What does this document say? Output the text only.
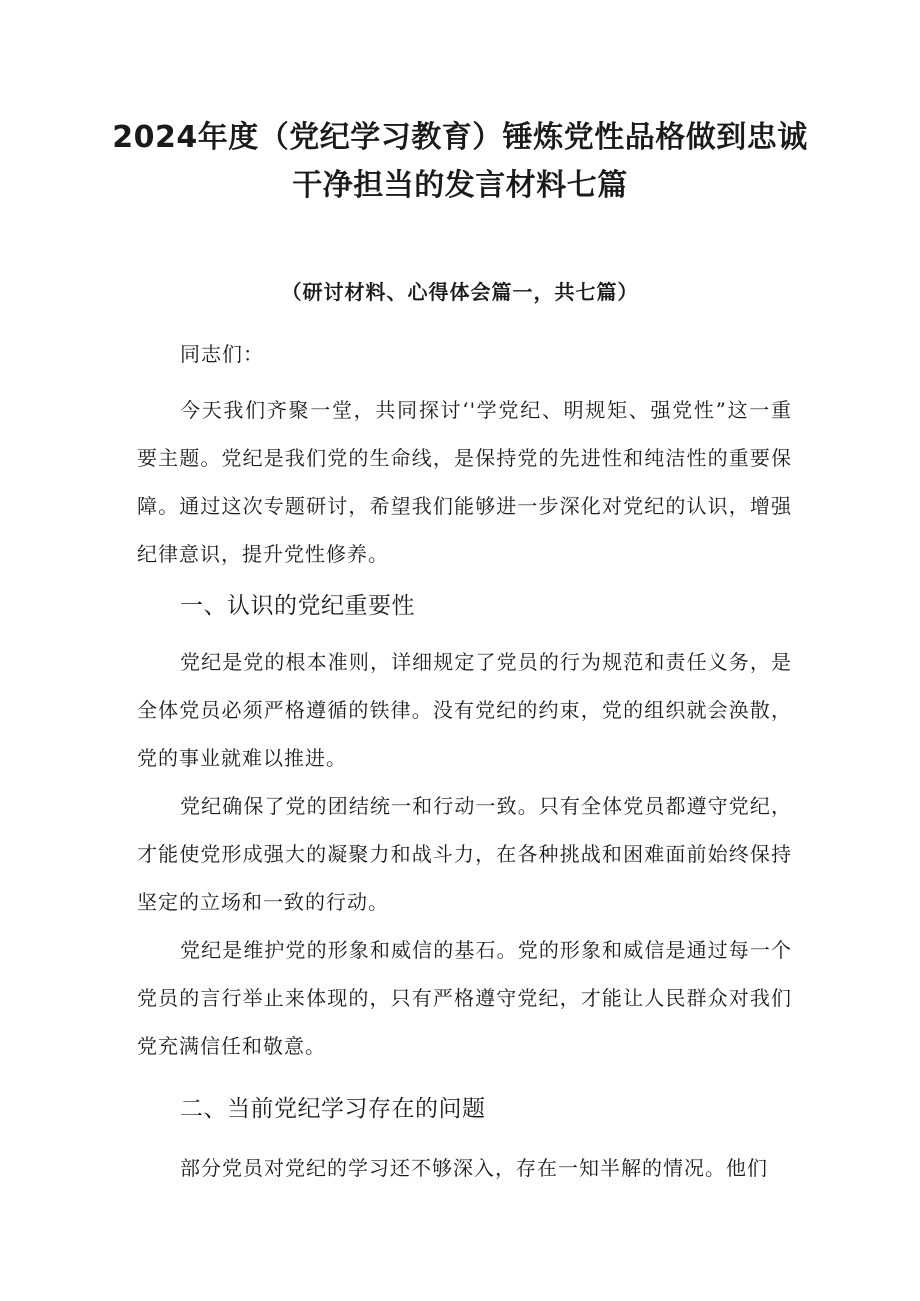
2024年度（党纪学习教育）锤炼党性品格做到忠诚
干净担当的发言材料七篇
（研讨材料、心得体会篇一，共七篇）
同志们：
今天我们齐聚一堂，共同探讨‘'学党纪、明规矩、强党性”这一重要主题。党纪是我们党的生命线，是保持党的先进性和纯洁性的重要保障。通过这次专题研讨，希望我们能够进一步深化对党纪的认识，增强纪律意识，提升党性修养。
一、认识的党纪重要性
党纪是党的根本准则，详细规定了党员的行为规范和责任义务，是全体党员必须严格遵循的铁律。没有党纪的约束，党的组织就会涣散，党的事业就难以推进。
党纪确保了党的团结统一和行动一致。只有全体党员都遵守党纪，才能使党形成强大的凝聚力和战斗力，在各种挑战和困难面前始终保持坚定的立场和一致的行动。
党纪是维护党的形象和威信的基石。党的形象和威信是通过每一个党员的言行举止来体现的，只有严格遵守党纪，才能让人民群众对我们党充满信任和敬意。
二、当前党纪学习存在的问题
部分党员对党纪的学习还不够深入，存在一知半解的情况。他们
